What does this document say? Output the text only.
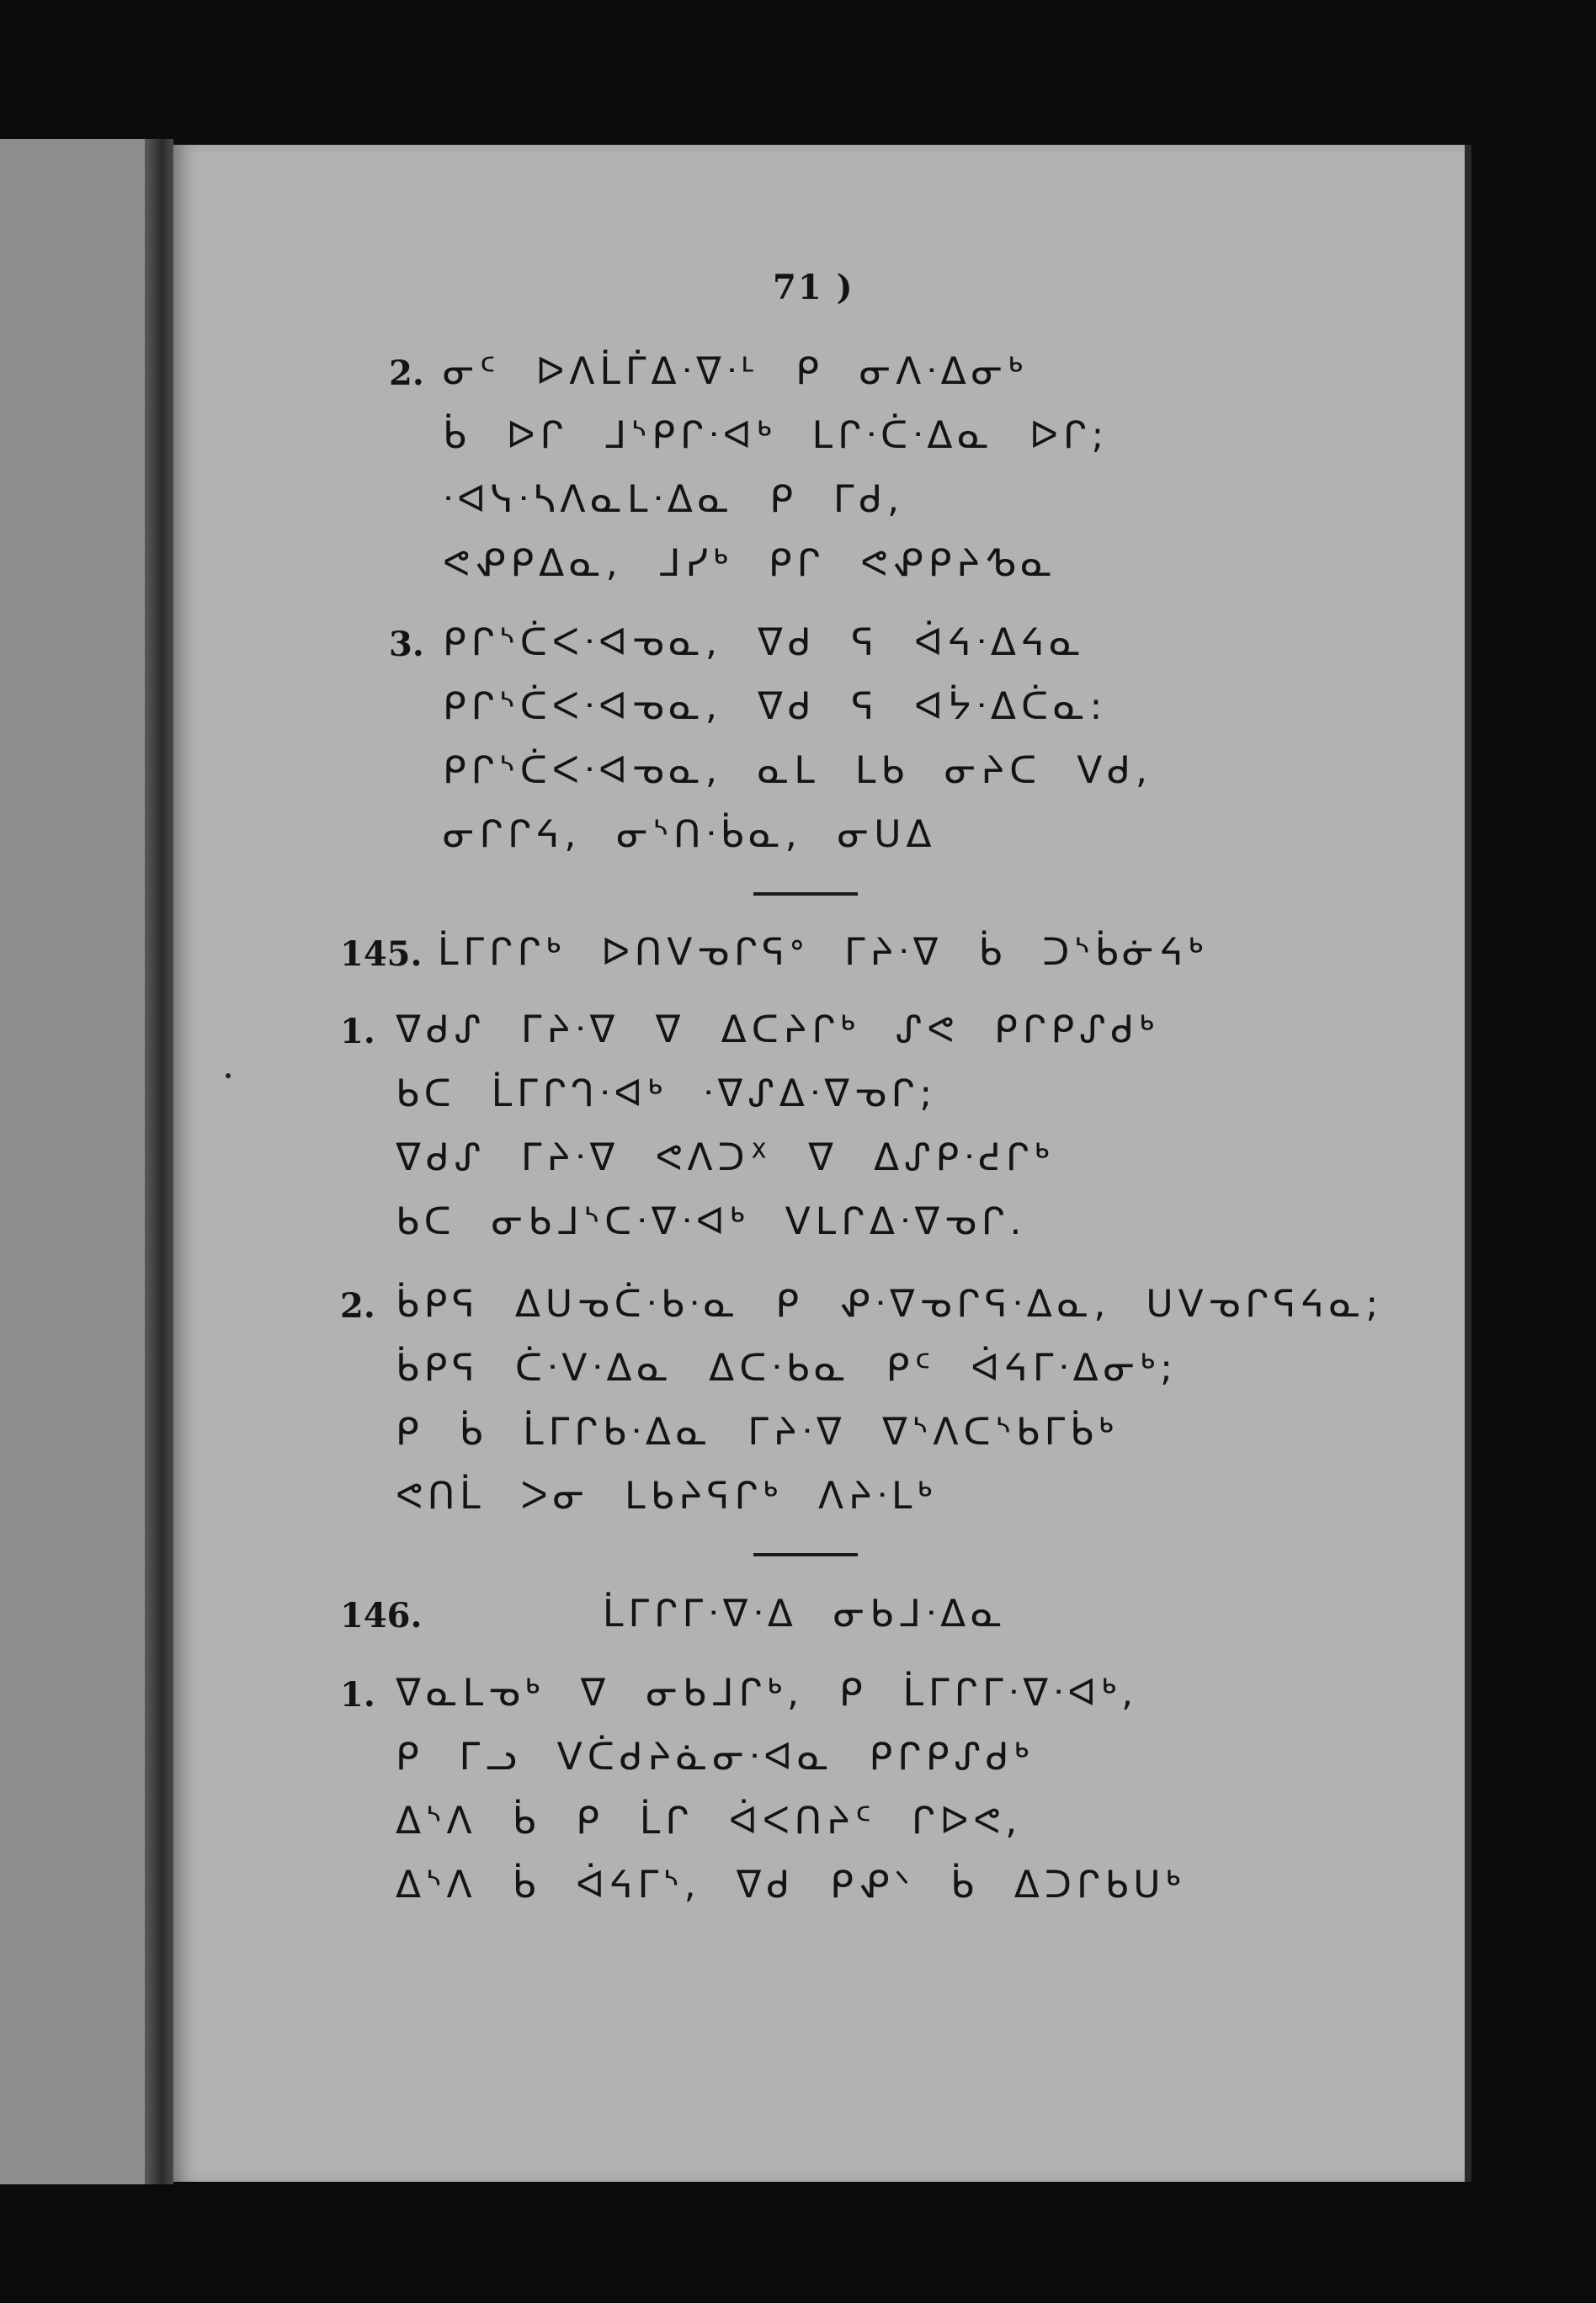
71 )
2. ᓂᑦ ᐅᐱᒫᒦᐃᐧᐁᐧᒻ ᑭ ᓂᐱᐧᐃᓂᒃ
ᑳ ᐅᒋ ᒧᔅᑭᒋᐧᐊᒃ ᒪᒋᐧᑖᐧᐃᓇ ᐅᒋ;
ᐧᐊᓭᐧᓴᐱᓇᒪᐧᐃᓇ ᑭ ᒥᑯ,
ᕙᕵᑭᐃᓇ, ᒧᓯᒃ ᑭᒋ ᕙᕵᑭᔨᕹᓇ
3. ᑭᒋᔅᑖᐸᐧᐊᓀᓇ, ᐁᑯ ᕋ ᐋᔦᐧᐃᔦᓇ
ᑭᒋᔅᑖᐸᐧᐊᓀᓇ, ᐁᑯ ᕋ ᐊᔮᐧᐃᑖᓇ:
ᑭᒋᔅᑖᐸᐧᐊᓀᓇ, ᓇᒪ ᒪᑲ ᓂᔨᑕ ᐯᑯ,
ᓂᒋᒋᔦ, ᓂᔅᑎᐧᑳᓇ, ᓂᑌᐃ
145. ᒫᒥᒋᒋᒃ ᐅᑎᐯᓀᒋᕋᐤ ᒥᔨᐧᐁ ᑳ ᑐᔅᑳᓃᔦᒃ
1. ᐁᑯᔑ ᒥᔨᐧᐁ ᐁ ᐃᑕᔨᒋᒃ ᔑᕙ ᑭᒋᑭᔑᑯᒃ
ᑲᑕ ᒫᒥᒋᒉᐧᐊᒃ ᐧᐁᔑᐃᐧᐁᓀᒋ;
ᐁᑯᔑ ᒥᔨᐧᐁ ᕙᐱᑐᕽ ᐁ ᐃᔑᑭᐧᕍᒋᒃ
ᑲᑕ ᓂᑲᒧᔅᑕᐧᐁᐧᐊᒃ ᐯᒪᒋᐃᐧᐁᓀᒋ.
2. ᑳᑭᕋ ᐃᑌᓀᑖᐧᑲᐧᓇ ᑭ ᕵᐧᐁᓀᒋᕋᐧᐃᓇ, ᑌᐯᓀᒋᕋᔦᓇ;
ᑳᑭᕋ ᑖᐧᐯᐧᐃᓇ ᐃᑕᐧᑲᓇ ᑭᑦ ᐋᔦᒥᐧᐃᓂᒃ;
ᑭ ᑳ ᒫᒥᒋᑲᐧᐃᓇ ᒥᔨᐧᐁ ᐁᔅᐱᑕᔅᑲᒥᑳᒃ
ᕙᑎᒫ ᐳᓂ ᒪᑲᔨᕋᒋᒃ ᐱᔨᐧᒪᒃ
146.	ᒫᒥᒋᒥᐧᐁᐧᐃ ᓂᑲᒧᐧᐃᓇ
1. ᐁᓇᒪᓀᒃ ᐁ ᓂᑲᒧᒋᒃ, ᑭ ᒫᒥᒋᒥᐧᐁᐧᐊᒃ,
ᑭ ᒥᓗ ᐯᑖᑯᔨᓈᓂᐧᐊᓇ ᑭᒋᑭᔑᑯᒃ
ᐃᔅᐱ ᑳ ᑭ ᒫᒋ ᐋᐸᑎᔨᑦ ᒋᐅᕙ,
ᐃᔅᐱ ᑳ ᐋᔦᒥᔅ, ᐁᑯ ᑭᕵᐠ ᑳ ᐃᑐᒋᑲᑌᒃ
